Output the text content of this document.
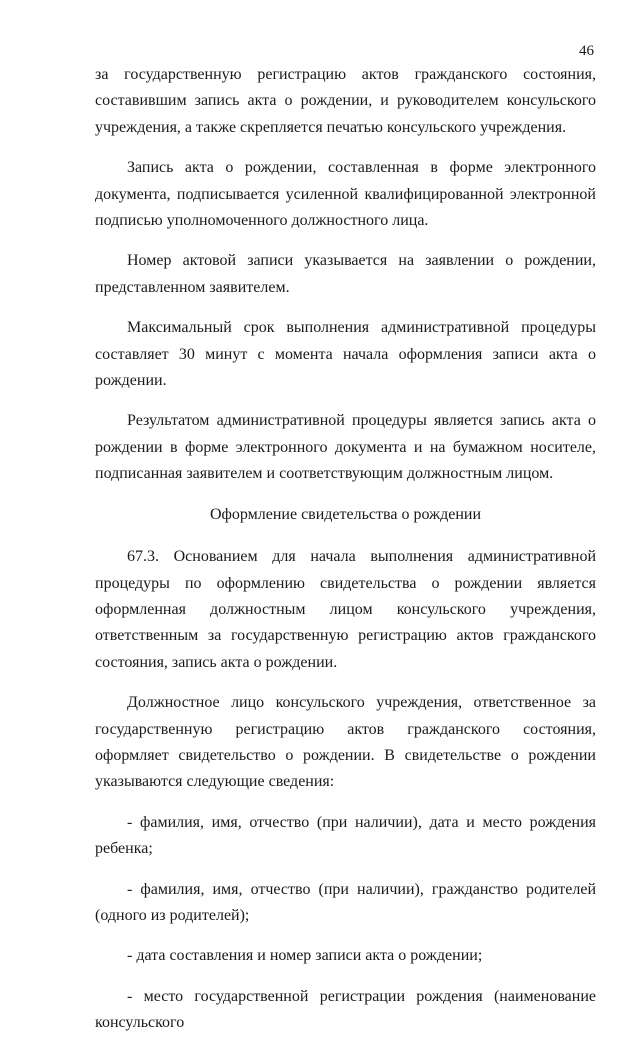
46

за государственную регистрацию актов гражданского состояния, составившим запись акта о рождении, и руководителем консульского учреждения, а также скрепляется печатью консульского учреждения.

Запись акта о рождении, составленная в форме электронного документа, подписывается усиленной квалифицированной электронной подписью уполномоченного должностного лица.

Номер актовой записи указывается на заявлении о рождении, представленном заявителем.

Максимальный срок выполнения административной процедуры составляет 30 минут с момента начала оформления записи акта о рождении.

Результатом административной процедуры является запись акта о рождении в форме электронного документа и на бумажном носителе, подписанная заявителем и соответствующим должностным лицом.

Оформление свидетельства о рождении

67.3. Основанием для начала выполнения административной процедуры по оформлению свидетельства о рождении является оформленная должностным лицом консульского учреждения, ответственным за государственную регистрацию актов гражданского состояния, запись акта о рождении.

Должностное лицо консульского учреждения, ответственное за государственную регистрацию актов гражданского состояния, оформляет свидетельство о рождении. В свидетельстве о рождении указываются следующие сведения:

- фамилия, имя, отчество (при наличии), дата и место рождения ребенка;

- фамилия, имя, отчество (при наличии), гражданство родителей (одного из родителей);

- дата составления и номер записи акта о рождении;

- место государственной регистрации рождения (наименование консульского
